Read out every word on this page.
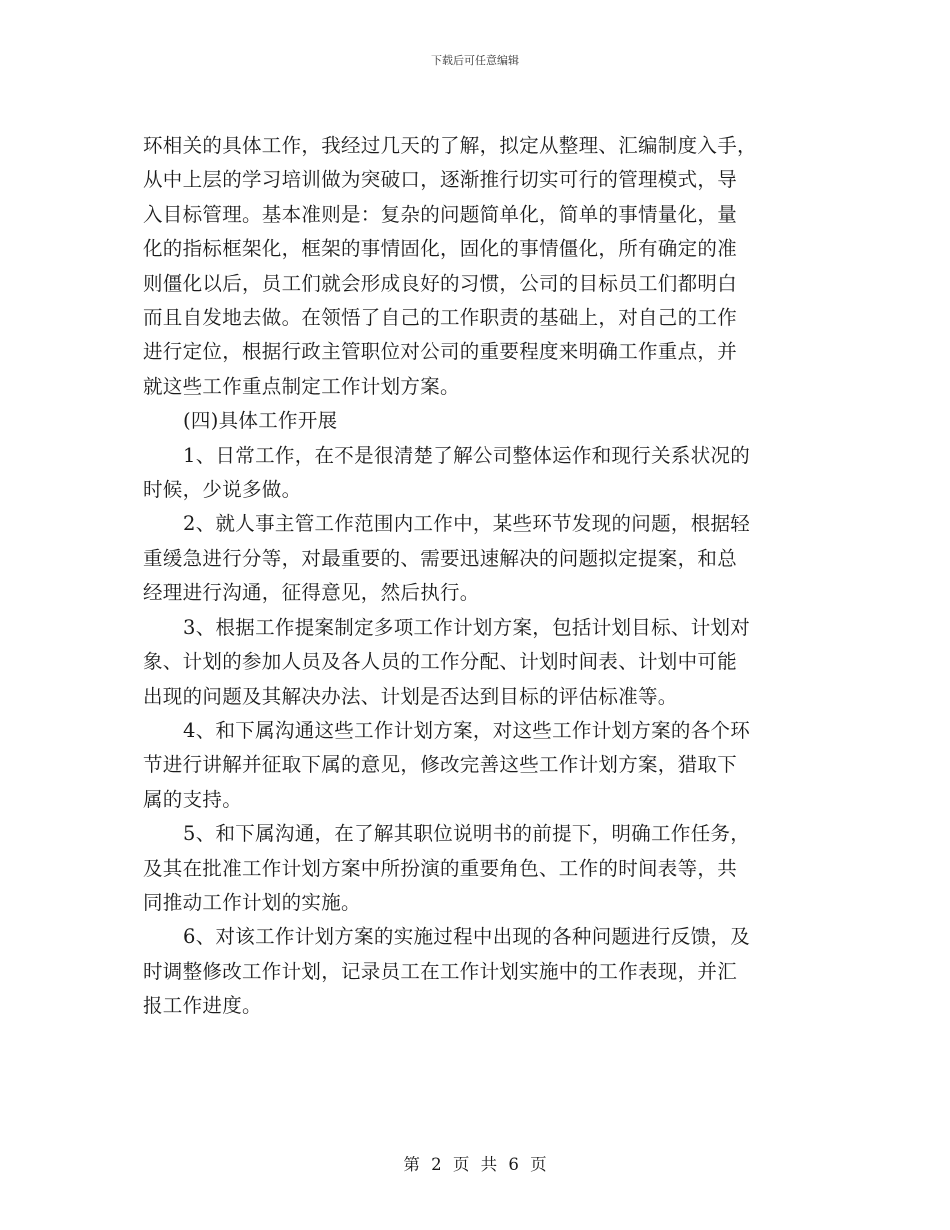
下载后可任意编辑
环相关的具体工作，我经过几天的了解，拟定从整理、汇编制度入手，
从中上层的学习培训做为突破口，逐渐推行切实可行的管理模式，导
入目标管理。基本准则是：复杂的问题简单化，简单的事情量化，量
化的指标框架化，框架的事情固化，固化的事情僵化，所有确定的准
则僵化以后，员工们就会形成良好的习惯，公司的目标员工们都明白
而且自发地去做。在领悟了自己的工作职责的基础上，对自己的工作
进行定位，根据行政主管职位对公司的重要程度来明确工作重点，并
就这些工作重点制定工作计划方案。
(四)具体工作开展
1、日常工作，在不是很清楚了解公司整体运作和现行关系状况的
时候，少说多做。
2、就人事主管工作范围内工作中，某些环节发现的问题，根据轻
重缓急进行分等，对最重要的、需要迅速解决的问题拟定提案，和总
经理进行沟通，征得意见，然后执行。
3、根据工作提案制定多项工作计划方案，包括计划目标、计划对
象、计划的参加人员及各人员的工作分配、计划时间表、计划中可能
出现的问题及其解决办法、计划是否达到目标的评估标准等。
4、和下属沟通这些工作计划方案，对这些工作计划方案的各个环
节进行讲解并征取下属的意见，修改完善这些工作计划方案，猎取下
属的支持。
5、和下属沟通，在了解其职位说明书的前提下，明确工作任务，
及其在批准工作计划方案中所扮演的重要角色、工作的时间表等，共
同推动工作计划的实施。
6、对该工作计划方案的实施过程中出现的各种问题进行反馈，及
时调整修改工作计划，记录员工在工作计划实施中的工作表现，并汇
报工作进度。
第 2 页 共 6 页
